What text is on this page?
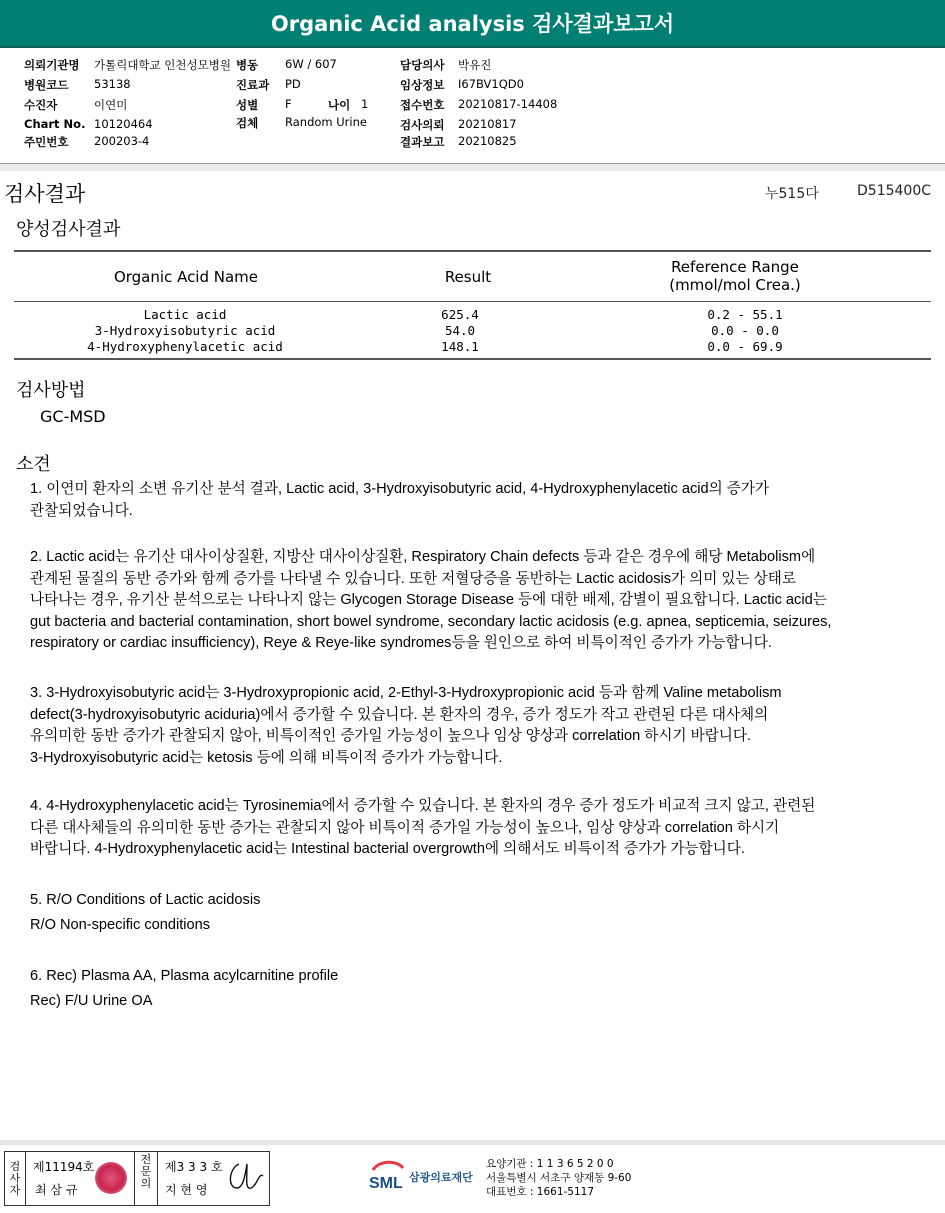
Organic Acid analysis 검사결과보고서
의뢰기관명 가톨릭대학교 인천성모병원 병동 6W / 607	담당의사 박유진
병원코드 53138	진료과 PD	임상정보 I67BV1QD0
수진자	이연미	성별 F	나이 1	접수번호 20210817-14408
Chart No. 10120464	검체 Random Urine	검사의뢰 20210817
주민번호 200203-4	결과보고 20210825
검사결과	누515다	D515400C
양성검사결과
Organic Acid Name	Result
Reference Range
(mmol/mol Crea.)
Lactic acid	625.4	0.2 - 55.1
3-Hydroxyisobutyric acid	54.0	0.0 - 0.0
4-Hydroxyphenylacetic acid	148.1	0.0 - 69.9
검사방법
GC-MSD
소견

1. 이연미 환자의 소변 유기산 분석 결과, Lactic acid, 3-Hydroxyisobutyric acid, 4-Hydroxyphenylacetic acid의 증가가

관찰되었습니다.

2. Lactic acid는 유기산 대사이상질환, 지방산 대사이상질환, Respiratory Chain defects 등과 같은 경우에 해당 Metabolism에

관계된 물질의 동반 증가와 함께 증가를 나타낼 수 있습니다. 또한 저혈당증을 동반하는 Lactic acidosis가 의미 있는 상태로

나타나는 경우, 유기산 분석으로는 나타나지 않는 Glycogen Storage Disease 등에 대한 배제, 감별이 필요합니다. Lactic acid는

gut bacteria and bacterial contamination, short bowel syndrome, secondary lactic acidosis (e.g. apnea, septicemia, seizures,

respiratory or cardiac insufficiency), Reye & Reye-like syndromes등을 원인으로 하여 비특이적인 증가가 가능합니다.

3. 3-Hydroxyisobutyric acid는 3-Hydroxypropionic acid, 2-Ethyl-3-Hydroxypropionic acid 등과 함께 Valine metabolism

defect(3-hydroxyisobutyric aciduria)에서 증가할 수 있습니다. 본 환자의 경우, 증가 정도가 작고 관련된 다른 대사체의

유의미한 동반 증가가 관찰되지 않아, 비특이적인 증가일 가능성이 높으나 임상 양상과 correlation 하시기 바랍니다.

3-Hydroxyisobutyric acid는 ketosis 등에 의해 비특이적 증가가 가능합니다.

4. 4-Hydroxyphenylacetic acid는 Tyrosinemia에서 증가할 수 있습니다. 본 환자의 경우 증가 정도가 비교적 크지 않고, 관련된

다른 대사체들의 유의미한 동반 증가는 관찰되지 않아 비특이적 증가일 가능성이 높으나, 임상 양상과 correlation 하시기

바랍니다. 4-Hydroxyphenylacetic acid는 Intestinal bacterial overgrowth에 의해서도 비특이적 증가가 가능합니다.

5. R/O Conditions of Lactic acidosis

R/O Non-specific conditions

6. Rec) Plasma AA, Plasma acylcarnitine profile

Rec) F/U Urine OA

검
사
자
제11194호
최 삼 규
전
문
의
제3 3 3 호
지 현 영	SML 삼광의료재단
요양기관 : 1 1 3 6 5 2 0 0
서울특별시 서초구 양재동 9-60
대표번호 : 1661-5117
